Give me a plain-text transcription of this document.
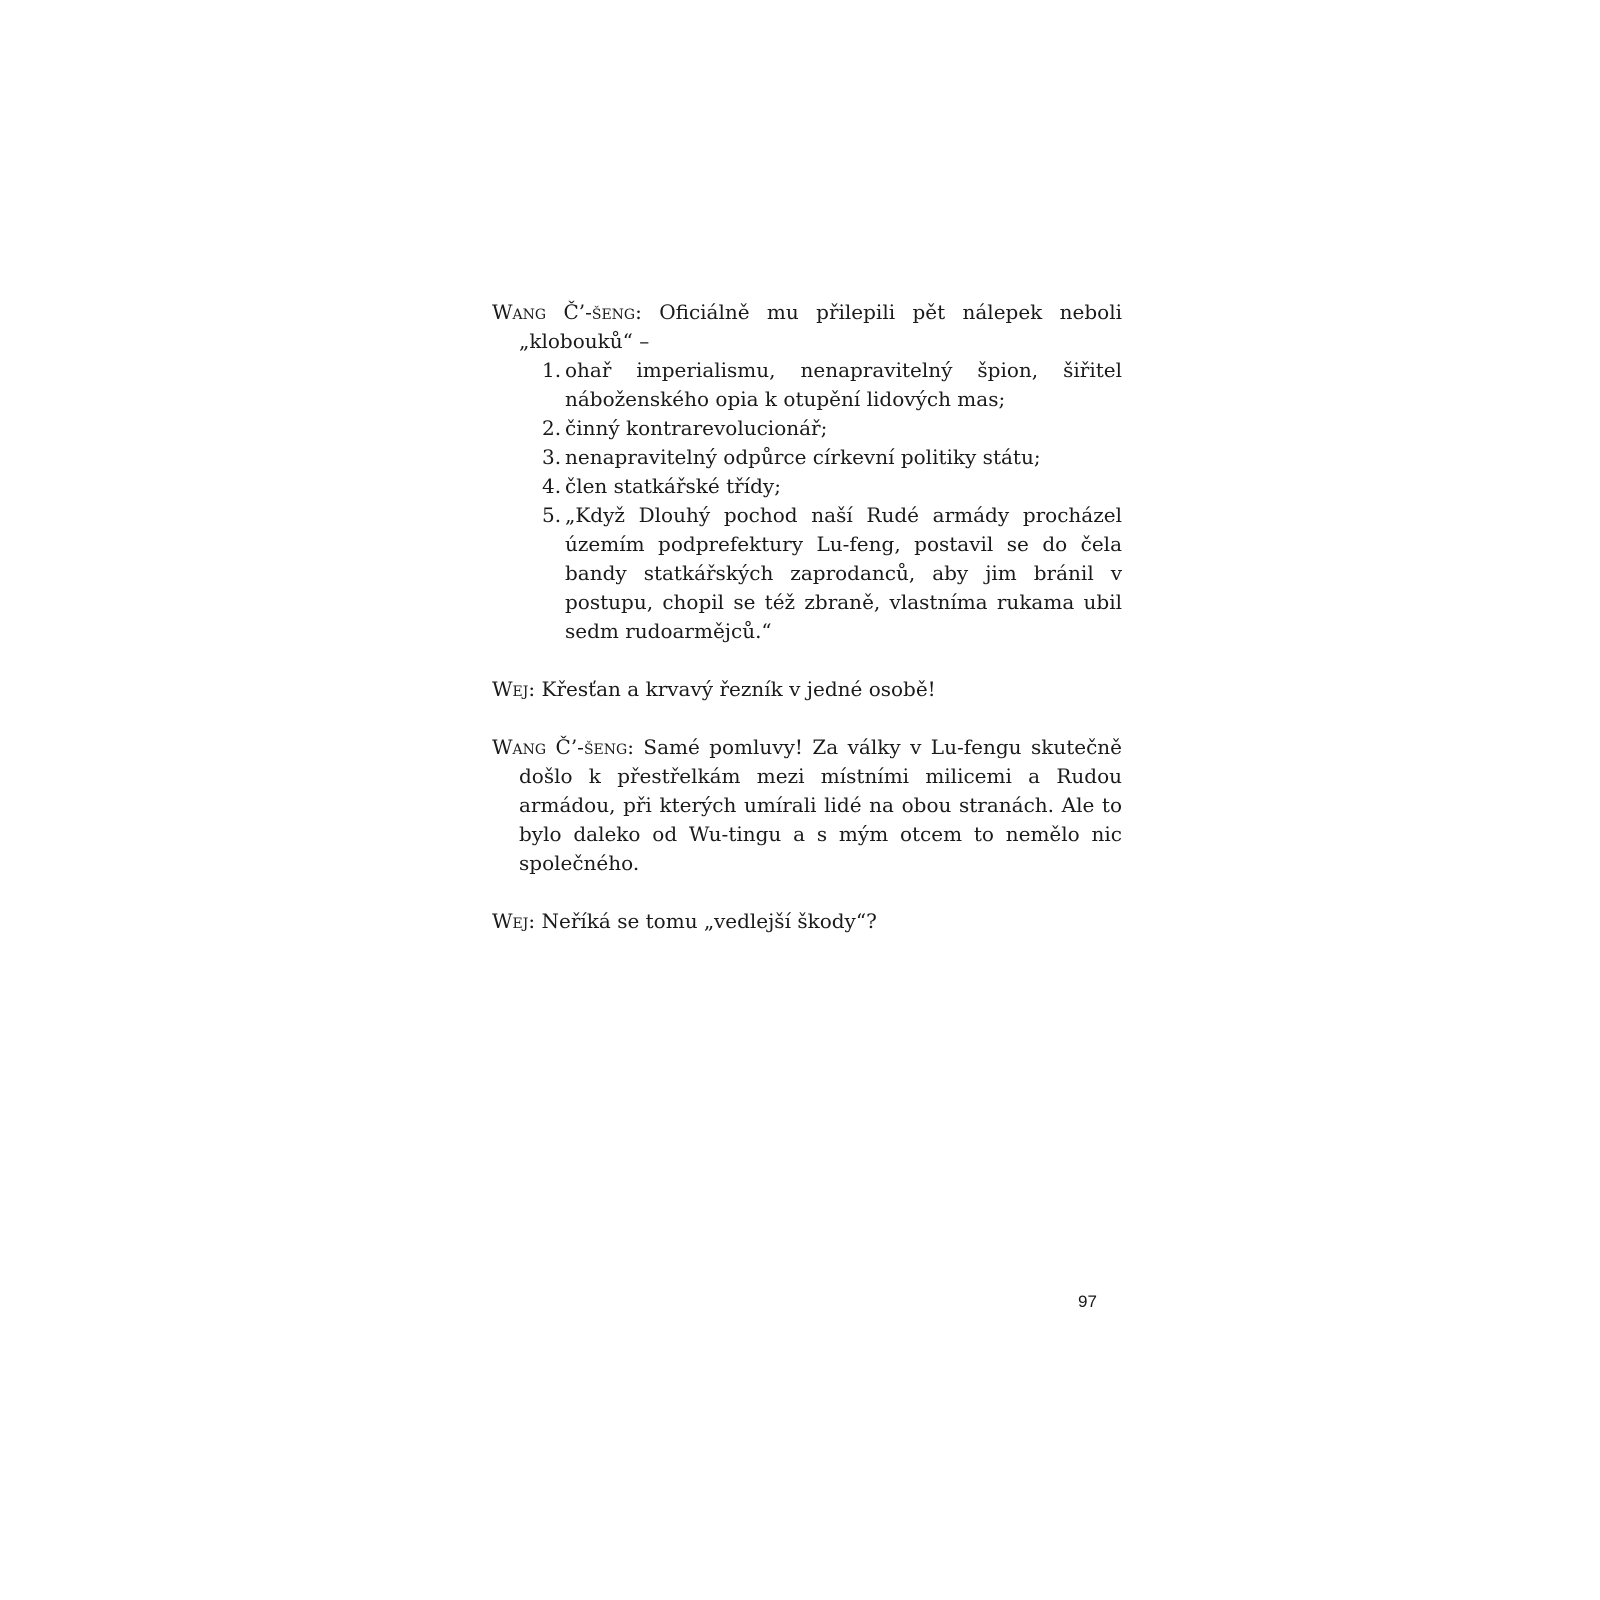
Wang Č’-šeng: Oficiálně mu přilepili pět nálepek neboli „klobouků“ –

1. ohař imperialismu, nenapravitelný špion, šiřitel náboženského opia k otupění lidových mas;
2. činný kontrarevolucionář;
3. nenapravitelný odpůrce církevní politiky státu;
4. člen statkářské třídy;
5. „Když Dlouhý pochod naší Rudé armády procházel územím podprefektury Lu-feng, postavil se do čela bandy statkářských zaprodanců, aby jim bránil v postupu, chopil se též zbraně, vlastníma rukama ubil sedm rudoarmějců.“

Wej: Křesťan a krvavý řezník v jedné osobě!

Wang Č’-šeng: Samé pomluvy! Za války v Lu-fengu skutečně došlo k přestřelkám mezi místními milicemi a Rudou armádou, při kterých umírali lidé na obou stranách. Ale to bylo daleko od Wu-tingu a s mým otcem to nemělo nic společného.

Wej: Neříká se tomu „vedlejší škody“?

97
